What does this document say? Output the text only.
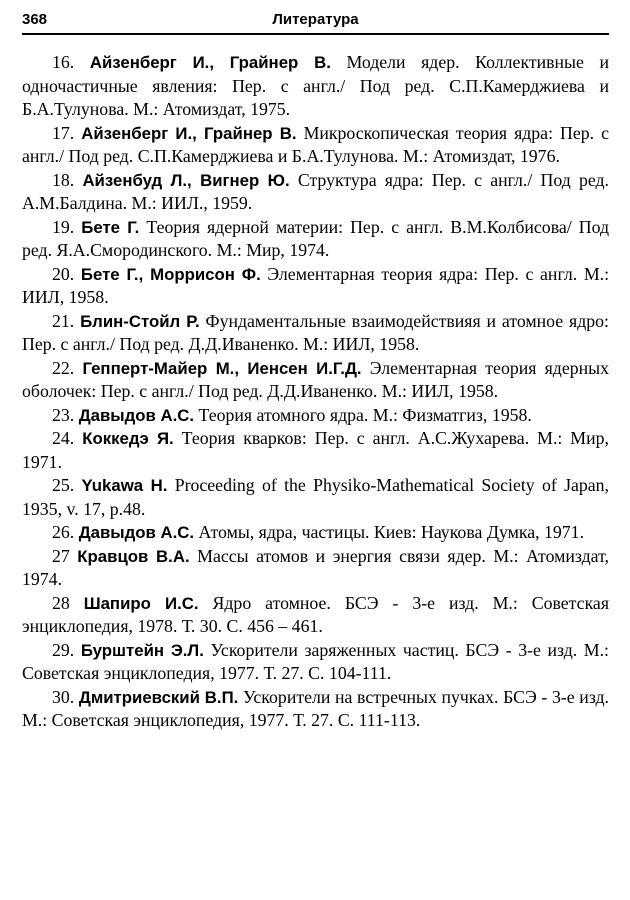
368	Литература

16. Айзенберг И., Грайнер В. Модели ядер. Коллективные и одночастичные явления: Пер. с англ./ Под ред. С.П.Камерджиева и Б.А.Тулунова. М.: Атомиздат, 1975.

17. Айзенберг И., Грайнер В. Микроскопическая теория ядра: Пер. с англ./ Под ред. С.П.Камерджиева и Б.А.Тулунова. М.: Атомиздат, 1976.

18. Айзенбуд Л., Вигнер Ю. Структура ядра: Пер. с англ./ Под ред. А.М.Балдина. М.: ИИЛ., 1959.

19. Бете Г. Теория ядерной материи: Пер. с англ. В.М.Колбисова/ Под ред. Я.А.Смородинского. М.: Мир, 1974.

20. Бете Г., Моррисон Ф. Элементарная теория ядра: Пер. с англ. М.: ИИЛ, 1958.

21. Блин-Стойл Р. Фундаментальные взаимодействияя и атомное ядро: Пер. с англ./ Под ред. Д.Д.Иваненко. М.: ИИЛ, 1958.

22. Гепперт-Майер М., Иенсен И.Г.Д. Элементарная теория ядерных оболочек: Пер. с англ./ Под ред. Д.Д.Иваненко. М.: ИИЛ, 1958.

23. Давыдов А.С. Теория атомного ядра. М.: Физматгиз, 1958.

24. Коккедэ Я. Теория кварков: Пер. с англ. А.С.Жухарева. М.: Мир, 1971.

25. Yukawa H. Proceeding of the Physiko-Mathematical Society of Japan, 1935, v. 17, p.48.

26. Давыдов А.С. Атомы, ядра, частицы. Киев: Наукова Думка, 1971.

27 Кравцов В.А. Массы атомов и энергия связи ядер. М.: Атомиздат, 1974.

28 Шапиро И.С. Ядро атомное. БСЭ - 3-е изд. М.: Советская энциклопедия, 1978. Т. 30. С. 456 – 461.

29. Бурштейн Э.Л. Ускорители заряженных частиц. БСЭ - 3-е изд. М.: Советская энциклопедия, 1977. Т. 27. С. 104-111.

30. Дмитриевский В.П. Ускорители на встречных пучках. БСЭ - 3-е изд. М.: Советская энциклопедия, 1977. Т. 27. С. 111-113.
